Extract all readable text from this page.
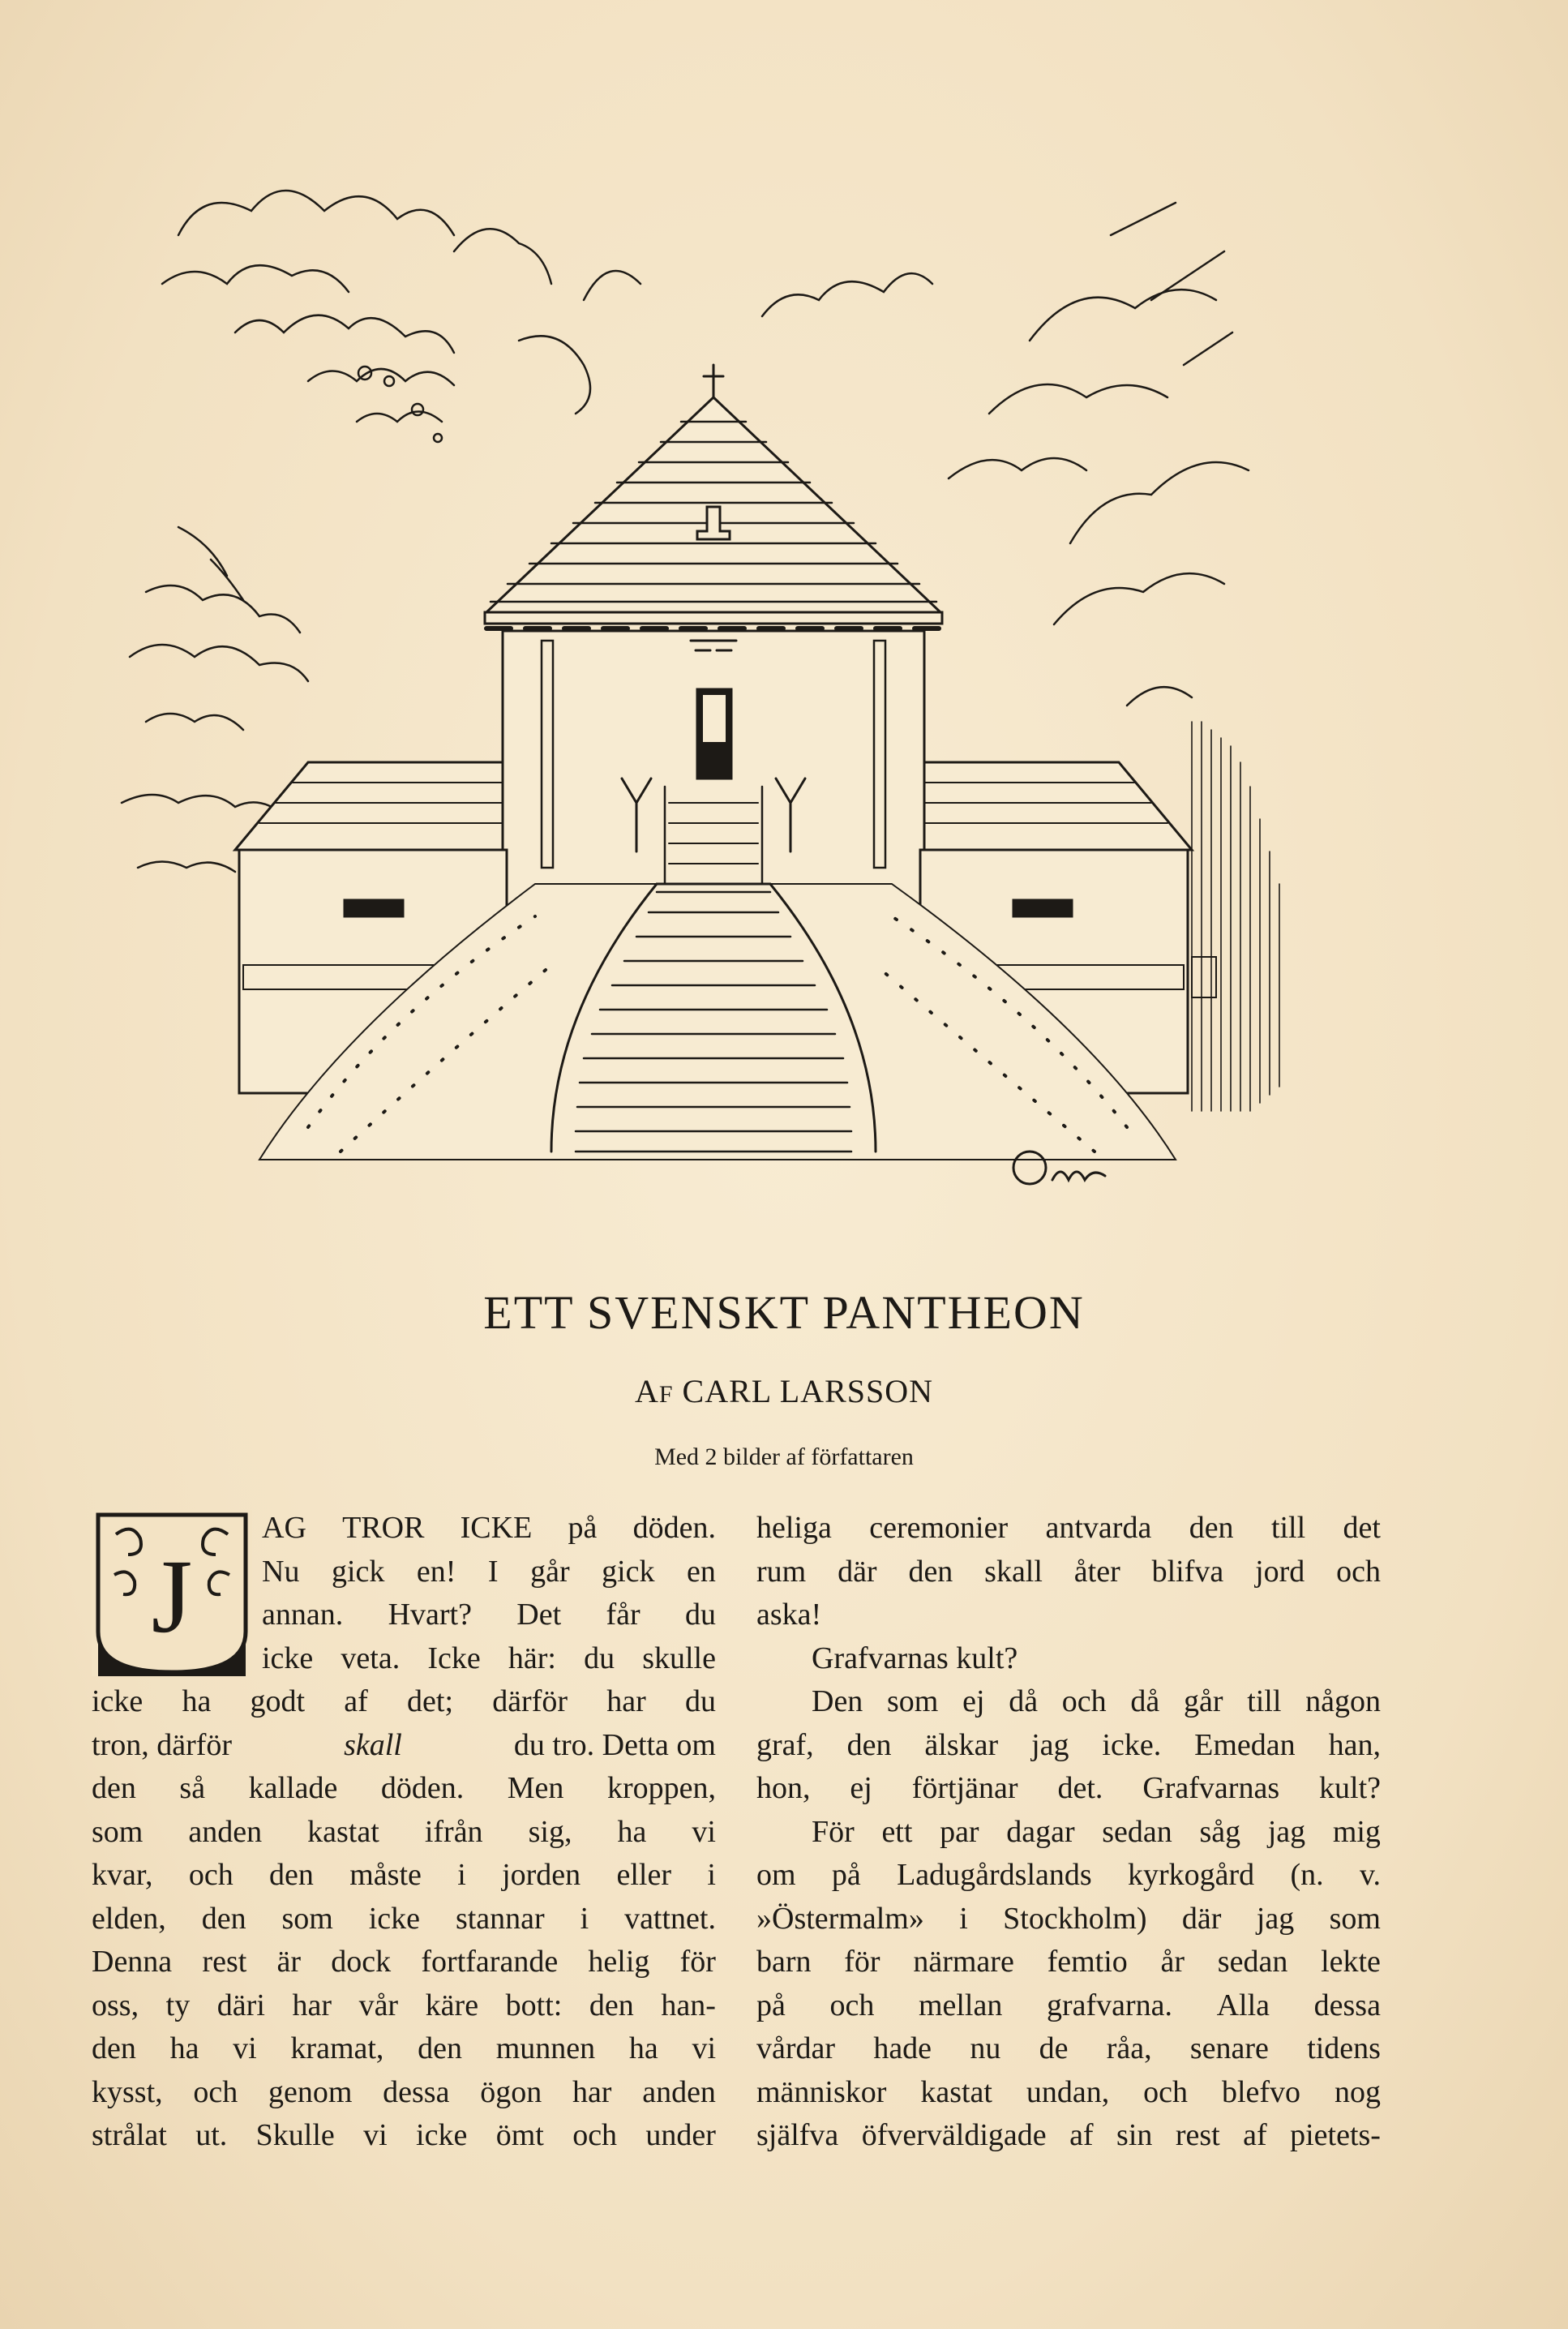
ETT SVENSKT PANTHEON

AF CARL LARSSON

Med 2 bilder af författaren

J
AG TROR ICKE på döden.
Nu gick en! I går gick en
annan. Hvart? Det får du
icke veta. Icke här: du skulle
icke ha godt af det; därför har du
tron, därför	skall	du tro. Detta om
den så kallade döden. Men kroppen,
som anden kastat ifrån sig, ha vi
kvar, och den måste i jorden eller i
elden, den som icke stannar i vattnet.
Denna rest är dock fortfarande helig för
oss, ty däri har vår käre bott: den han-
den ha vi kramat, den munnen ha vi
kysst, och genom dessa ögon har anden
strålat ut. Skulle vi icke ömt och under
heliga ceremonier antvarda den till det
rum där den skall åter blifva jord och
aska!
Grafvarnas kult?
Den som ej då och då går till någon
graf, den älskar jag icke. Emedan han,
hon, ej förtjänar det. Grafvarnas kult?
För ett par dagar sedan såg jag mig
om på Ladugårdslands kyrkogård (n. v.
»Östermalm» i Stockholm) där jag som
barn för närmare femtio år sedan lekte
på och mellan grafvarna. Alla dessa
vårdar hade nu de råa, senare tidens
människor kastat undan, och blefvo nog
själfva öfverväldigade af sin rest af pietets-
